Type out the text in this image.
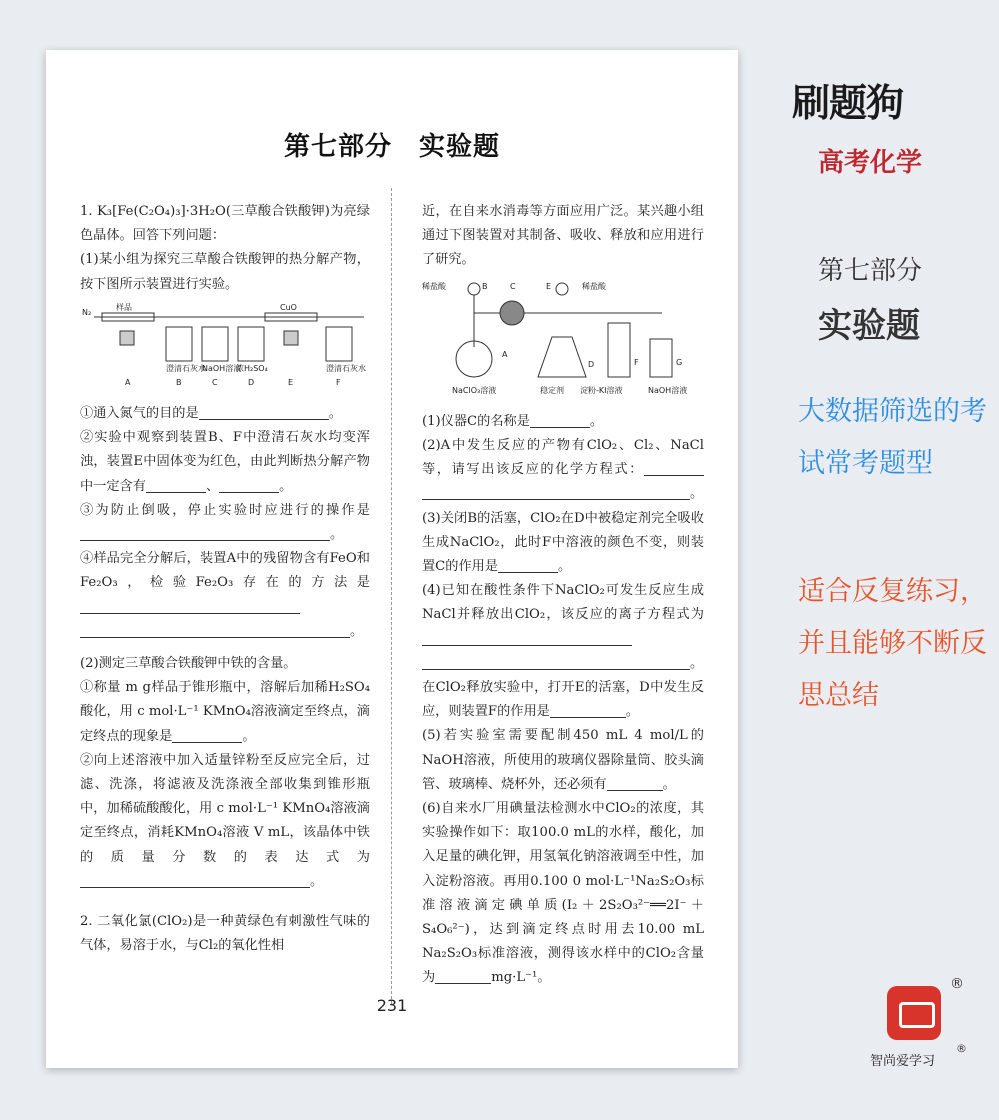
第七部分　实验题

1. K₃[Fe(C₂O₄)₃]·3H₂O(三草酸合铁酸钾)为亮绿色晶体。回答下列问题：

(1)某小组为探究三草酸合铁酸钾的热分解产物，按下图所示装置进行实验。

N₂
样品	CuO
澄清石灰水
NaOH溶液
浓H₂SO₄	澄清石灰水
A	B	C	D	E	F

①通入氮气的目的是	。

②实验中观察到装置B、F中澄清石灰水均变浑浊，装置E中固体变为红色，由此判断热分解产物中一定含有	、	。

③为防止倒吸，停止实验时应进行的操作是。

④样品完全分解后，装置A中的残留物含有FeO和Fe₂O₃，检验Fe₂O₃存在的方法是。

(2)测定三草酸合铁酸钾中铁的含量。

①称量 m g样品于锥形瓶中，溶解后加稀H₂SO₄酸化，用 c mol·L⁻¹ KMnO₄溶液滴定至终点，滴定终点的现象是	。

②向上述溶液中加入适量锌粉至反应完全后，过滤、洗涤，将滤液及洗涤液全部收集到锥形瓶中，加稀硫酸酸化，用 c mol·L⁻¹ KMnO₄溶液滴定至终点，消耗KMnO₄溶液 V mL，该晶体中铁的质量分数的表达式为。

2. 二氧化氯(ClO₂)是一种黄绿色有刺激性气味的气体，易溶于水，与Cl₂的氧化性相

近，在自来水消毒等方面应用广泛。某兴趣小组通过下图装置对其制备、吸收、释放和应用进行了研究。

稀盐酸	B	C	E	稀盐酸
A
D	F	G
NaClO₃溶液	稳定剂 淀粉-KI溶液	NaOH溶液

(1)仪器C的名称是	。

(2)A中发生反应的产物有ClO₂、Cl₂、NaCl等，请写出该反应的化学方程式：。

(3)关闭B的活塞，ClO₂在D中被稳定剂完全吸收生成NaClO₂，此时F中溶液的颜色不变，则装置C的作用是	。

(4)已知在酸性条件下NaClO₂可发生反应生成NaCl并释放出ClO₂，该反应的离子方程式为。

在ClO₂释放实验中，打开E的活塞，D中发生反应，则装置F的作用是	。

(5)若实验室需要配制450 mL 4 mol/L的NaOH溶液，所使用的玻璃仪器除量筒、胶头滴管、玻璃棒、烧杯外，还必须有	。

(6)自来水厂用碘量法检测水中ClO₂的浓度，其实验操作如下：取100.0 mL的水样，酸化，加入足量的碘化钾，用氢氧化钠溶液调至中性，加入淀粉溶液。再用0.100 0 mol·L⁻¹Na₂S₂O₃标准溶液滴定碘单质(I₂＋2S₂O₃²⁻══2I⁻＋S₄O₆²⁻)，达到滴定终点时用去10.00 mL Na₂S₂O₃标准溶液，测得该水样中的ClO₂含量为	mg·L⁻¹。

231
刷题狗
高考化学
第七部分
实验题
大数据筛选的考试常考题型
适合反复练习，并且能够不断反思总结
®
智尚爱学习
®
